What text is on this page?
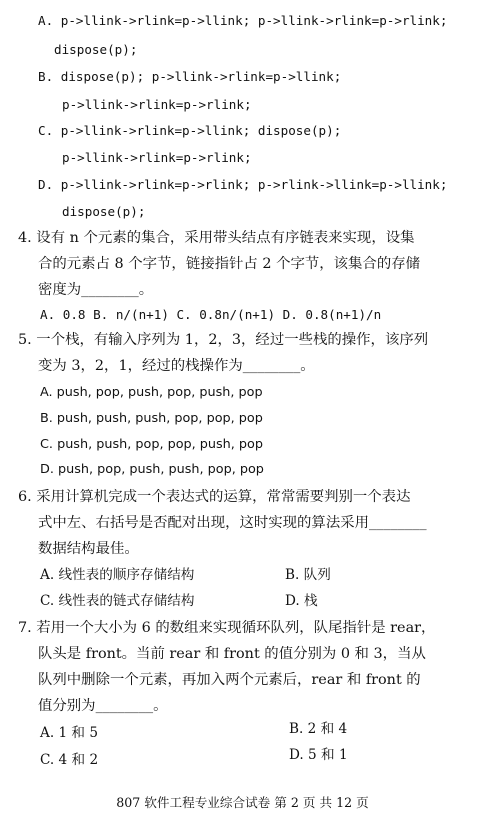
A. p->llink->rlink=p->llink; p->llink->rlink=p->rlink;
dispose(p);
B. dispose(p); p->llink->rlink=p->llink;
p->llink->rlink=p->rlink;
C. p->llink->rlink=p->llink; dispose(p);
p->llink->rlink=p->rlink;
D. p->llink->rlink=p->rlink; p->rlink->llink=p->llink;
dispose(p);
4. 设有 n 个元素的集合，采用带头结点有序链表来实现，设集
合的元素占 8 个字节，链接指针占 2 个字节，该集合的存储
密度为________。
A. 0.8 B. n/(n+1) C. 0.8n/(n+1) D. 0.8(n+1)/n
5. 一个栈，有输入序列为 1，2，3，经过一些栈的操作，该序列
变为 3，2，1，经过的栈操作为________。
A. push, pop, push, pop, push, pop
B. push, push, push, pop, pop, pop
C. push, push, pop, pop, push, pop
D. push, pop, push, push, pop, pop
6. 采用计算机完成一个表达式的运算，常常需要判别一个表达
式中左、右括号是否配对出现，这时实现的算法采用________
数据结构最佳。
A. 线性表的顺序存储结构	B. 队列
C. 线性表的链式存储结构	D. 栈
7. 若用一个大小为 6 的数组来实现循环队列，队尾指针是 rear，
队头是 front。当前 rear 和 front 的值分别为 0 和 3，当从
队列中删除一个元素，再加入两个元素后，rear 和 front 的
值分别为________。
A. 1 和 5	B. 2 和 4
C. 4 和 2	D. 5 和 1
807 软件工程专业综合试卷 第 2 页 共 12 页
